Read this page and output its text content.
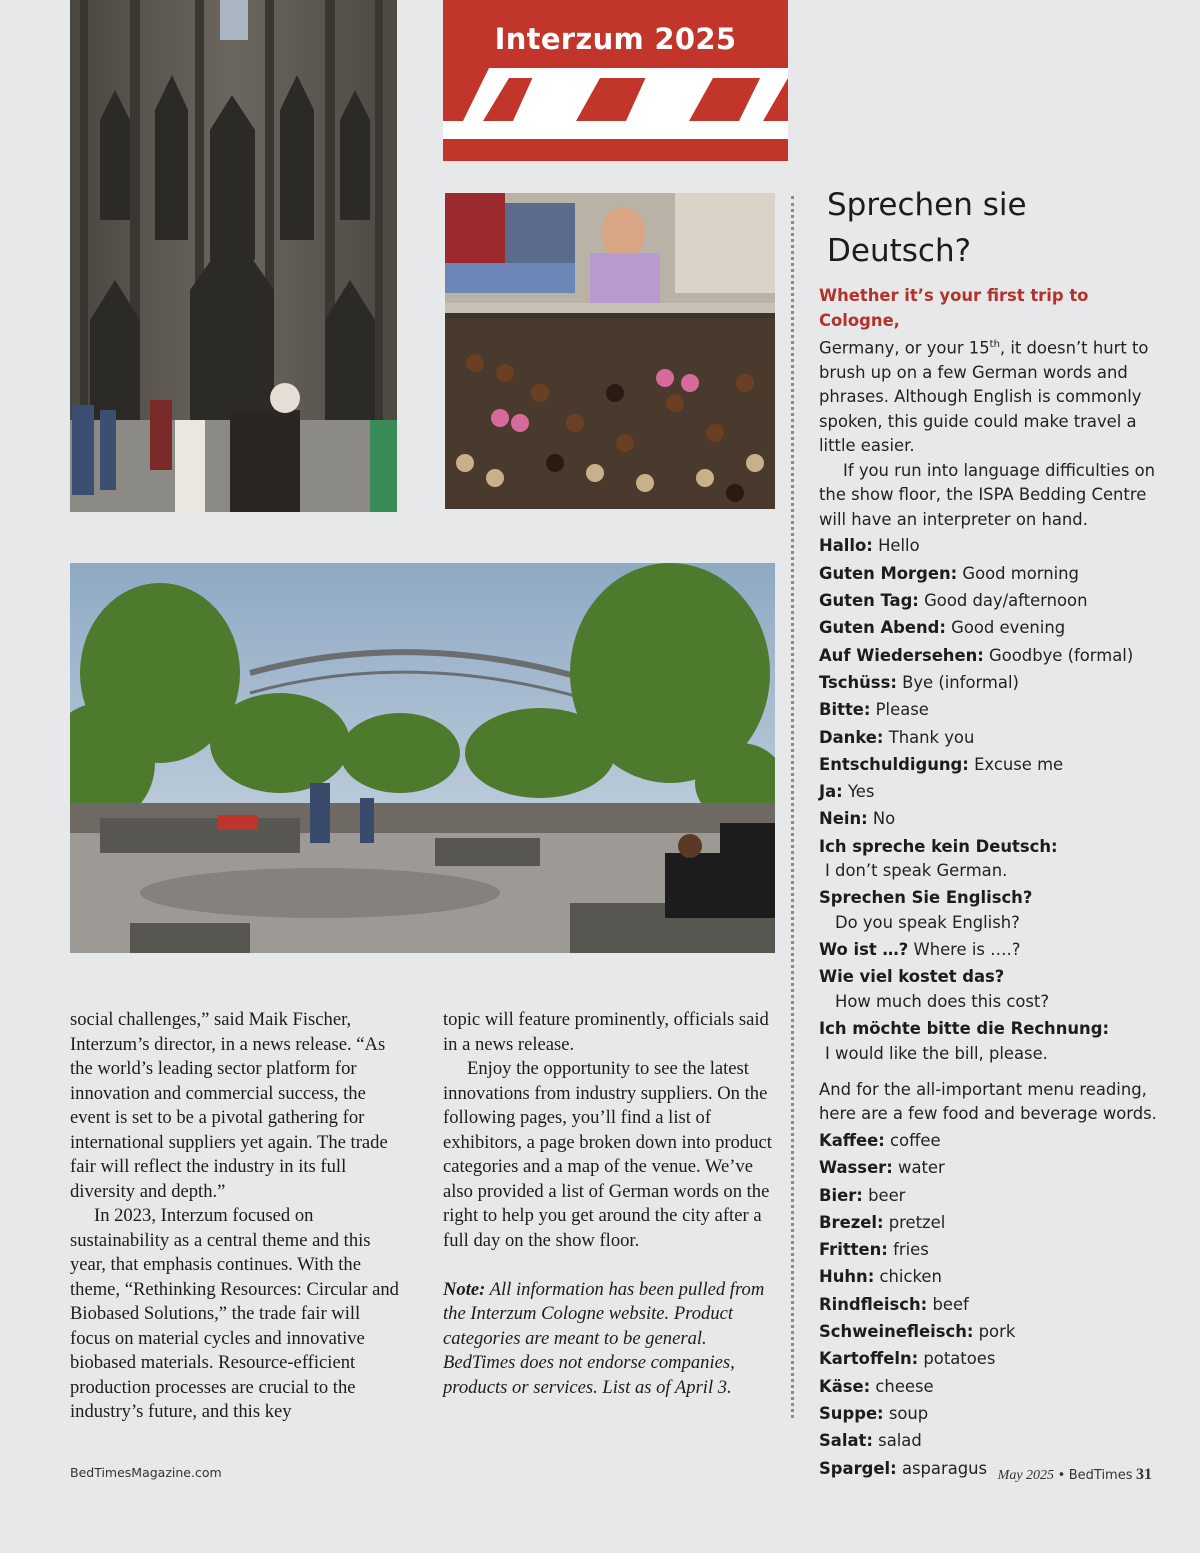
Interzum 2025
Sprechen sie Deutsch?

Whether it’s your first trip to Cologne,
Germany, or your 15th, it doesn’t hurt to brush up on a few German words and phrases. Although English is commonly spoken, this guide could make travel a little easier.

If you run into language difficulties on the show floor, the ISPA Bedding Centre will have an interpreter on hand.

Hallo: Hello
Guten Morgen: Good morning
Guten Tag: Good day/afternoon
Guten Abend: Good evening
Auf Wiedersehen: Goodbye (formal)
Tschüss: Bye (informal)
Bitte: Please
Danke: Thank you
Entschuldigung: Excuse me
Ja: Yes
Nein: No
Ich spreche kein Deutsch:
I don’t speak German.
Sprechen Sie Englisch?
Do you speak English?
Wo ist …? Where is ….?
Wie viel kostet das?
How much does this cost?
Ich möchte bitte die Rechnung:
I would like the bill, please.

And for the all-important menu reading, here are a few food and beverage words.

Kaffee: coffee
Wasser: water
Bier: beer
Brezel: pretzel
Fritten: fries
Huhn: chicken
Rindfleisch: beef
Schweinefleisch: pork
Kartoffeln: potatoes
Käse: cheese
Suppe: soup
Salat: salad
Spargel: asparagus

social challenges,” said Maik Fischer, Interzum’s director, in a news release. “As the world’s leading sector platform for innovation and commercial success, the event is set to be a pivotal gathering for international suppliers yet again. The trade fair will reflect the industry in its full diversity and depth.”

In 2023, Interzum focused on sustainability as a central theme and this year, that emphasis continues. With the theme, “Rethinking Resources: Circular and Biobased Solutions,” the trade fair will focus on material cycles and innovative biobased materials. Resource-efficient production processes are crucial to the industry’s future, and this key

topic will feature prominently, officials said in a news release.

Enjoy the opportunity to see the latest innovations from industry suppliers. On the following pages, you’ll find a list of exhibitors, a page broken down into product categories and a map of the venue. We’ve also provided a list of German words on the right to help you get around the city after a full day on the show floor.

Note: All information has been pulled from the Interzum Cologne website. Product categories are meant to be general. BedTimes does not endorse companies, products or services. List as of April 3.

BedTimesMagazine.com	May 2025 • BedTimes 31
